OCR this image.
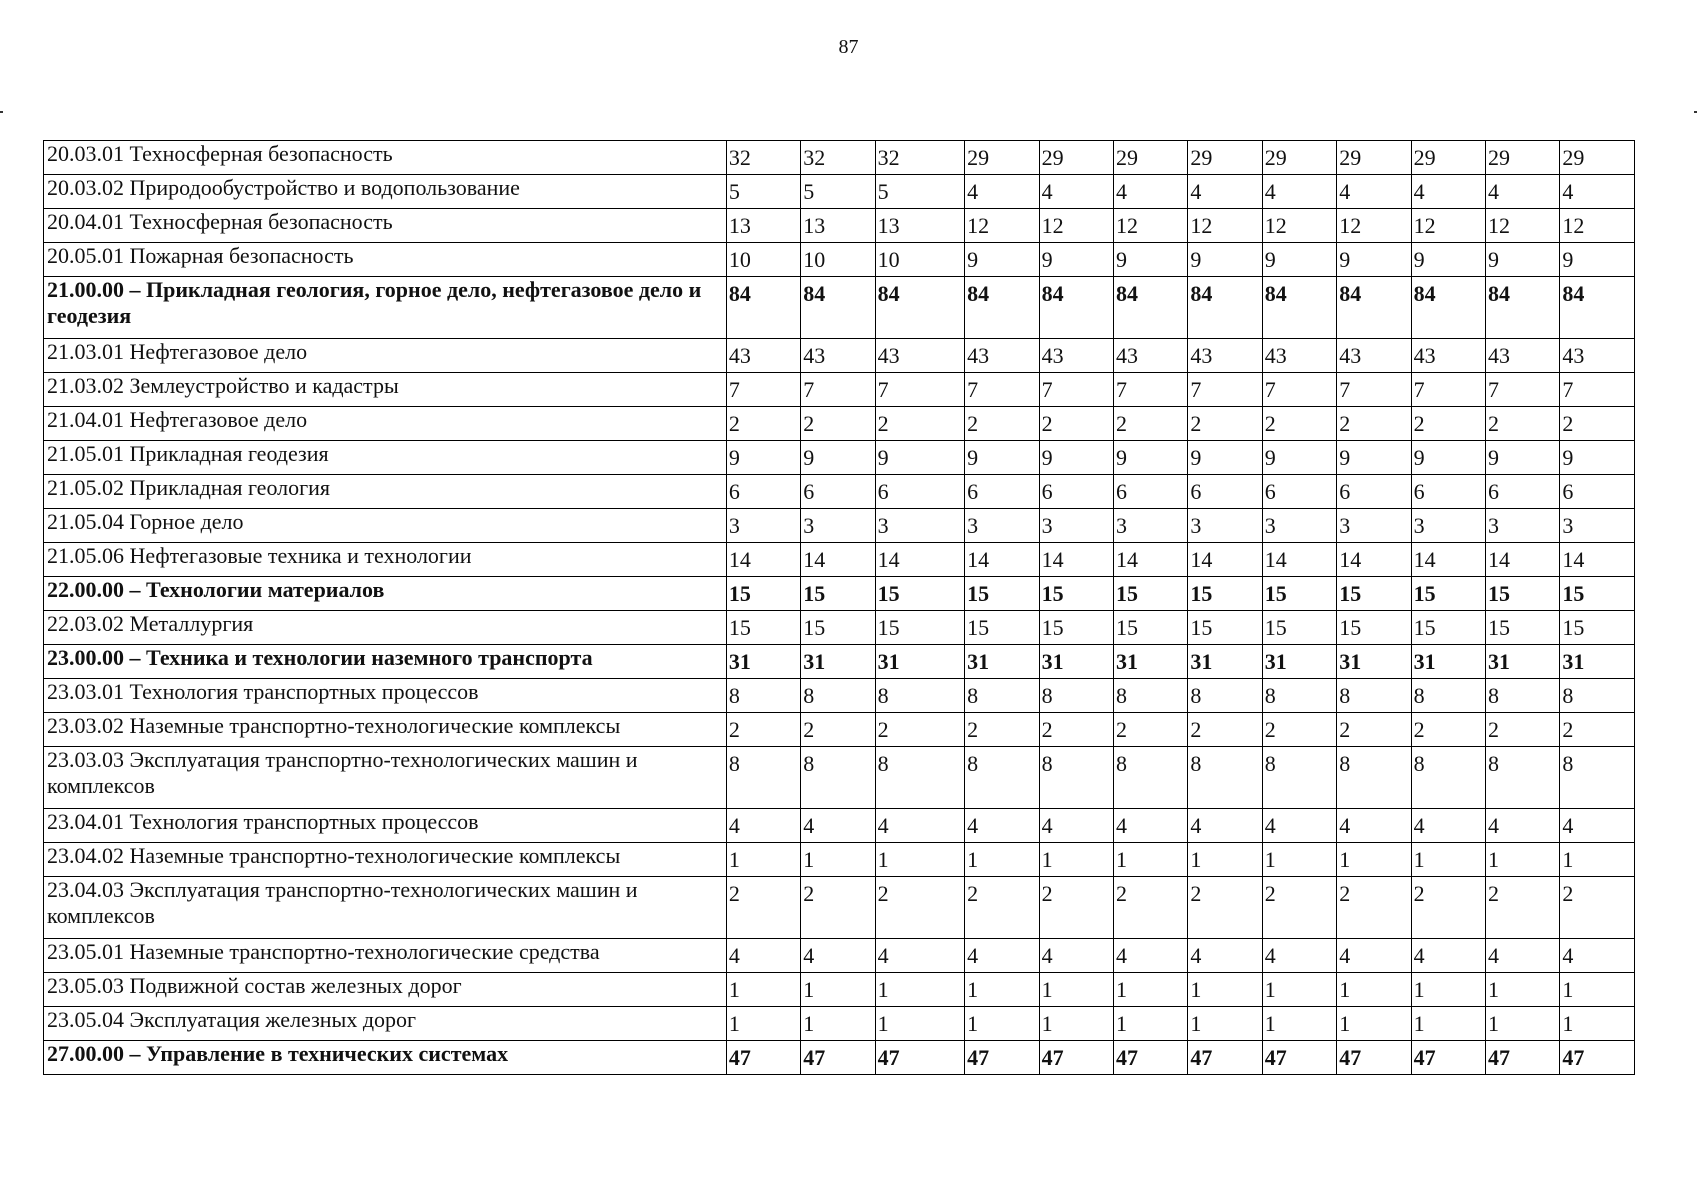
87
20.03.01 Техносферная безопасность	32	32	32	29	29	29	29	29	29	29	29	29
20.03.02 Природообустройство и водопользование	5	5	5	4	4	4	4	4	4	4	4	4
20.04.01 Техносферная безопасность	13	13	13	12	12	12	12	12	12	12	12	12
20.05.01 Пожарная безопасность	10	10	10	9	9	9	9	9	9	9	9	9
21.00.00 – Прикладная геология, горное дело, нефтегазовое дело и геодезия	84	84	84	84	84	84	84	84	84	84	84	84
21.03.01 Нефтегазовое дело	43	43	43	43	43	43	43	43	43	43	43	43
21.03.02 Землеустройство и кадастры	7	7	7	7	7	7	7	7	7	7	7	7
21.04.01 Нефтегазовое дело	2	2	2	2	2	2	2	2	2	2	2	2
21.05.01 Прикладная геодезия	9	9	9	9	9	9	9	9	9	9	9	9
21.05.02 Прикладная геология	6	6	6	6	6	6	6	6	6	6	6	6
21.05.04 Горное дело	3	3	3	3	3	3	3	3	3	3	3	3
21.05.06 Нефтегазовые техника и технологии	14	14	14	14	14	14	14	14	14	14	14	14
22.00.00 – Технологии материалов	15	15	15	15	15	15	15	15	15	15	15	15
22.03.02 Металлургия	15	15	15	15	15	15	15	15	15	15	15	15
23.00.00 – Техника и технологии наземного транспорта	31	31	31	31	31	31	31	31	31	31	31	31
23.03.01 Технология транспортных процессов	8	8	8	8	8	8	8	8	8	8	8	8
23.03.02 Наземные транспортно-технологические комплексы	2	2	2	2	2	2	2	2	2	2	2	2
23.03.03 Эксплуатация транспортно-технологических машин и комплексов	8	8	8	8	8	8	8	8	8	8	8	8
23.04.01 Технология транспортных процессов	4	4	4	4	4	4	4	4	4	4	4	4
23.04.02 Наземные транспортно-технологические комплексы	1	1	1	1	1	1	1	1	1	1	1	1
23.04.03 Эксплуатация транспортно-технологических машин и комплексов	2	2	2	2	2	2	2	2	2	2	2	2
23.05.01 Наземные транспортно-технологические средства	4	4	4	4	4	4	4	4	4	4	4	4
23.05.03 Подвижной состав железных дорог	1	1	1	1	1	1	1	1	1	1	1	1
23.05.04 Эксплуатация железных дорог	1	1	1	1	1	1	1	1	1	1	1	1
27.00.00 – Управление в технических системах	47	47	47	47	47	47	47	47	47	47	47	47
